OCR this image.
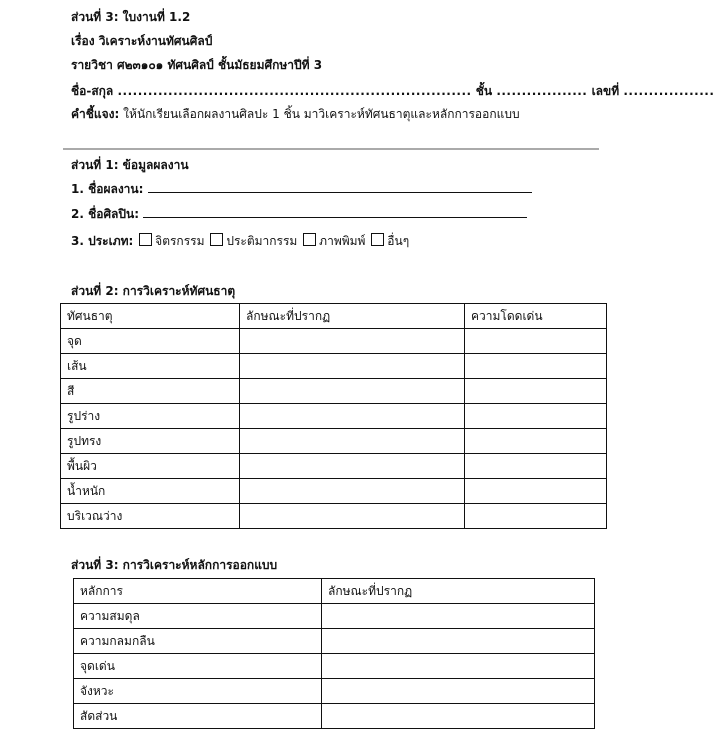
ส่วนที่ 3: ใบงานที่ 1.2
เรื่อง วิเคราะห์งานทัศนศิลป์
รายวิชา ศ๒๓๑๐๑ ทัศนศิลป์ ชั้นมัธยมศึกษาปีที่ 3
ชื่อ-สกุล ...................................................................... ชั้น .................. เลขที่ ..................
คำชี้แจง: ให้นักเรียนเลือกผลงานศิลปะ 1 ชิ้น มาวิเคราะห์ทัศนธาตุและหลักการออกแบบ
ส่วนที่ 1: ข้อมูลผลงาน
1. ชื่อผลงาน:
2. ชื่อศิลปิน:
3. ประเภท: จิตรกรรม ประติมากรรม ภาพพิมพ์ อื่นๆ
ส่วนที่ 2: การวิเคราะห์ทัศนธาตุ
ทัศนธาตุ	ลักษณะที่ปรากฏ	ความโดดเด่น
จุด		
เส้น		
สี		
รูปร่าง		
รูปทรง		
พื้นผิว		
น้ำหนัก		
บริเวณว่าง		
ส่วนที่ 3: การวิเคราะห์หลักการออกแบบ
หลักการ	ลักษณะที่ปรากฏ
ความสมดุล	
ความกลมกลืน	
จุดเด่น	
จังหวะ	
สัดส่วน	
